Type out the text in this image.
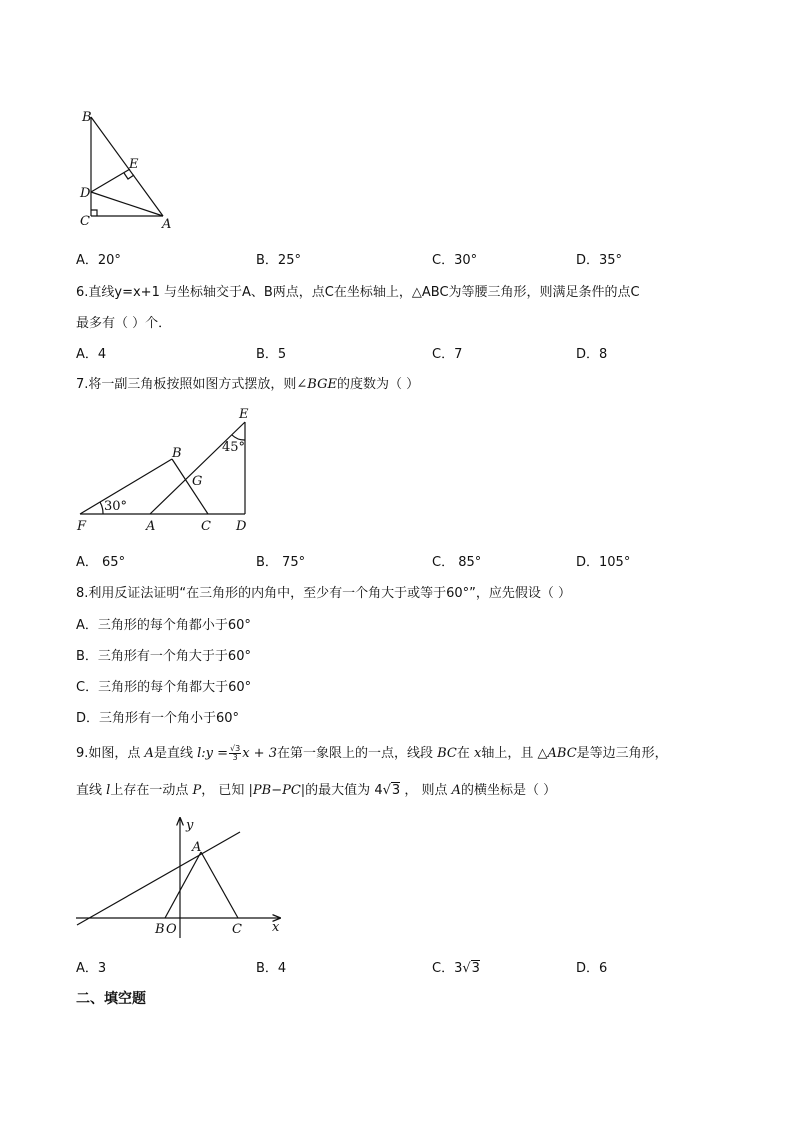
B
E
D
C	A
A．20°	B．25°	C．30°	D．35°
6.直线y=x+1 与坐标轴交于A、B两点，点C在坐标轴上，△ABC为等腰三角形，则满足条件的点C
最多有（ ）个．
A．4	B．5	C．7	D．8
7.将一副三角板按照如图方式摆放，则∠BGE的度数为（ ）
E
45°
B
G
30°
F	A	C D
A． 65°	B． 75°	C． 85°	D．105°
8.利用反证法证明“在三角形的内角中，至少有一个角大于或等于60°”，应先假设（ ）
A．三角形的每个角都小于60°
B．三角形有一个角大于于60°
C．三角形的每个角都大于60°
D．三角形有一个角小于60°
9.如图，点 A是直线 l:y = $\frac{√3}{3}$ x + 3在第一象限上的一点，线段 BC在 x轴上，且 △ABC是等边三角形，
直线 l上存在一动点 P， 已知 |PB−PC|的最大值为 4√3 ， 则点 A的横坐标是（ ）
y
x
A
B O	C
A．3	B．4	C．3√3	D．6
二、填空题
